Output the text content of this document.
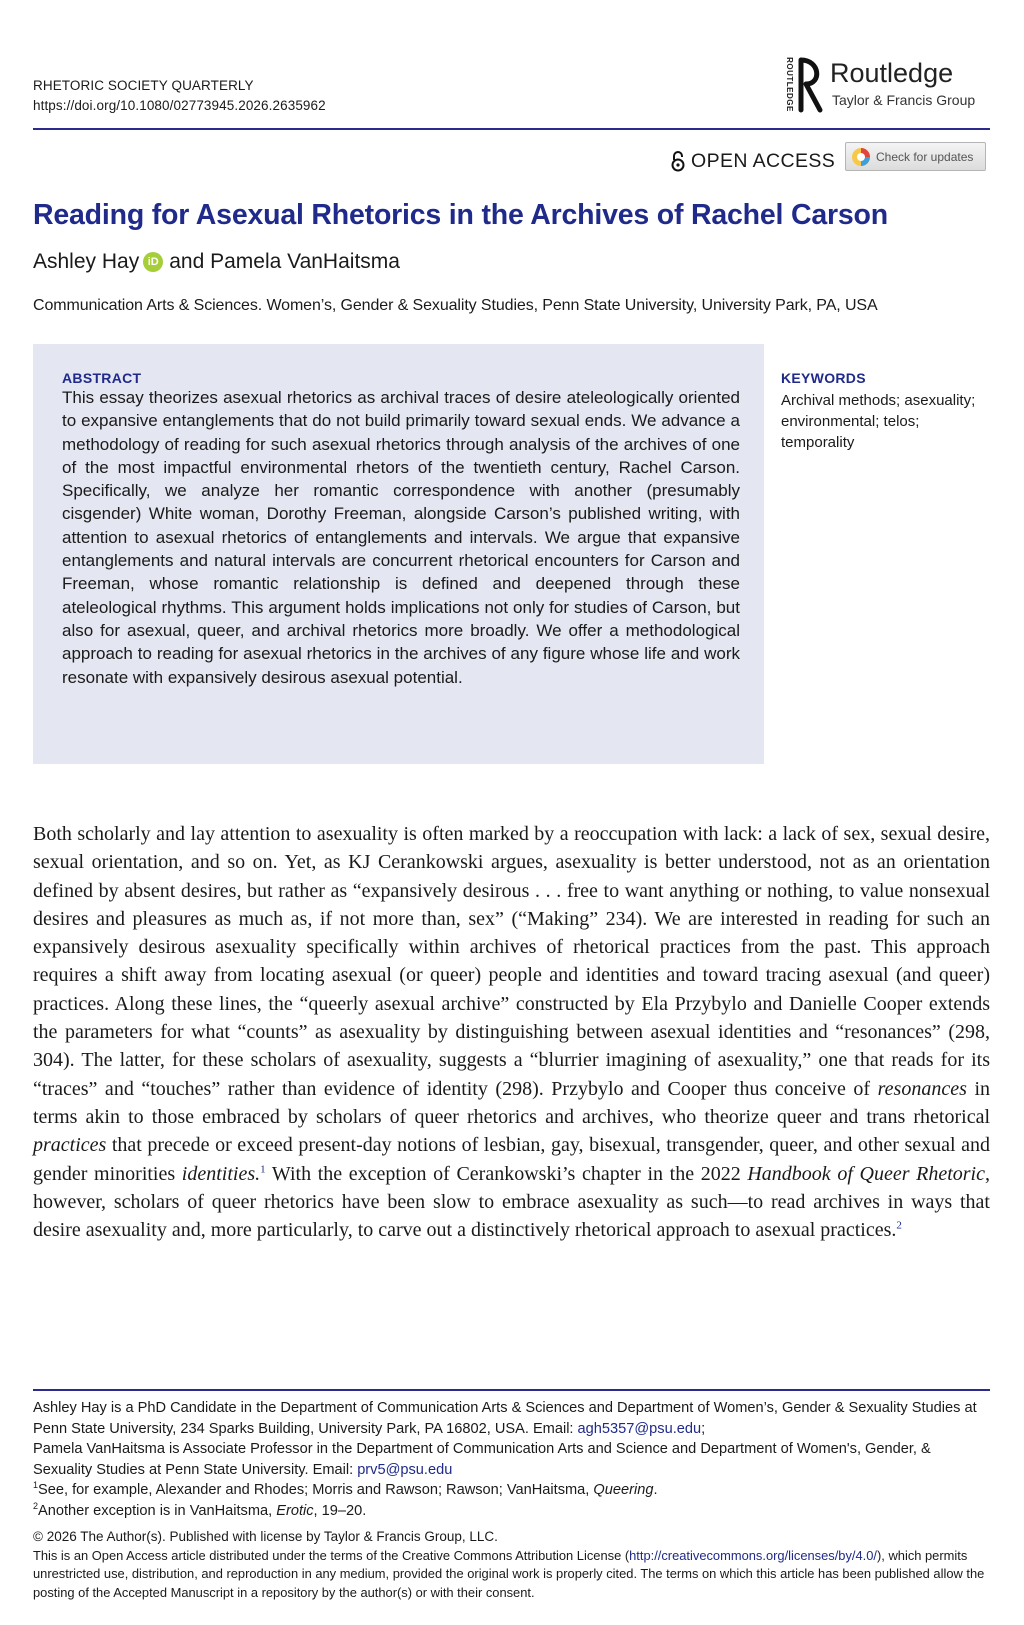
RHETORIC SOCIETY QUARTERLY
https://doi.org/10.1080/02773945.2026.2635962	ROUTLEDGE Routledge
Taylor & Francis Group
OPEN ACCESS	Check for updates
Reading for Asexual Rhetorics in the Archives of Rachel Carson
Ashley Hay iD and Pamela VanHaitsma
Communication Arts & Sciences. Women’s, Gender & Sexuality Studies, Penn State University, University Park, PA, USA
ABSTRACT
This essay theorizes asexual rhetorics as archival traces of desire ateleologically oriented to expansive entanglements that do not build primarily toward sexual ends. We advance a methodology of reading for such asexual rhetorics through analysis of the archives of one of the most impactful environmental rhetors of the twentieth century, Rachel Carson. Specifically, we analyze her romantic correspondence with another (presumably cisgender) White woman, Dorothy Freeman, alongside Carson’s published writing, with attention to asexual rhetorics of entanglements and intervals. We argue that expansive entanglements and natural intervals are concurrent rhetorical encounters for Carson and Freeman, whose romantic relationship is defined and deepened through these ateleological rhythms. This argument holds implications not only for studies of Carson, but also for asexual, queer, and archival rhetorics more broadly. We offer a methodological approach to reading for asexual rhetorics in the archives of any figure whose life and work resonate with expansively desirous asexual potential.
KEYWORDS
Archival methods; asexuality; environmental; telos; temporality
Both scholarly and lay attention to asexuality is often marked by a reoccupation with lack: a lack of sex, sexual desire, sexual orientation, and so on. Yet, as KJ Cerankowski argues, asexuality is better understood, not as an orientation defined by absent desires, but rather as “expansively desirous . . . free to want anything or nothing, to value nonsexual desires and pleasures as much as, if not more than, sex” (“Making” 234). We are interested in reading for such an expansively desirous asexuality specifically within archives of rhetorical practices from the past. This approach requires a shift away from locating asexual (or queer) people and identities and toward tracing asexual (and queer) practices. Along these lines, the “queerly asexual archive” constructed by Ela Przybylo and Danielle Cooper extends the parameters for what “counts” as asexuality by distinguishing between asexual identities and “resonances” (298, 304). The latter, for these scholars of asexuality, suggests a “blurrier imagining of asexuality,” one that reads for its “traces” and “touches” rather than evidence of identity (298). Przybylo and Cooper thus conceive of resonances in terms akin to those embraced by scholars of queer rhetorics and archives, who theorize queer and trans rhetorical practices that precede or exceed present-day notions of lesbian, gay, bisexual, transgender, queer, and other sexual and gender minorities identities.$^1$ With the exception of Cerankowski’s chapter in the 2022 Handbook of Queer Rhetoric, however, scholars of queer rhetorics have been slow to embrace asexuality as such—to read archives in ways that desire asexuality and, more particularly, to carve out a distinctively rhetorical approach to asexual practices.$^2$
Ashley Hay is a PhD Candidate in the Department of Communication Arts & Sciences and Department of Women’s, Gender & Sexuality Studies at Penn State University, 234 Sparks Building, University Park, PA 16802, USA. Email: agh5357@psu.edu;
Pamela VanHaitsma is Associate Professor in the Department of Communication Arts and Science and Department of Women's, Gender, & Sexuality Studies at Penn State University. Email: prv5@psu.edu
$^1$See, for example, Alexander and Rhodes; Morris and Rawson; Rawson; VanHaitsma, Queering.
$^2$Another exception is in VanHaitsma, Erotic, 19–20.
© 2026 The Author(s). Published with license by Taylor & Francis Group, LLC.
This is an Open Access article distributed under the terms of the Creative Commons Attribution License (http://creativecommons.org/licenses/by/4.0/), which permits unrestricted use, distribution, and reproduction in any medium, provided the original work is properly cited. The terms on which this article has been published allow the posting of the Accepted Manuscript in a repository by the author(s) or with their consent.
